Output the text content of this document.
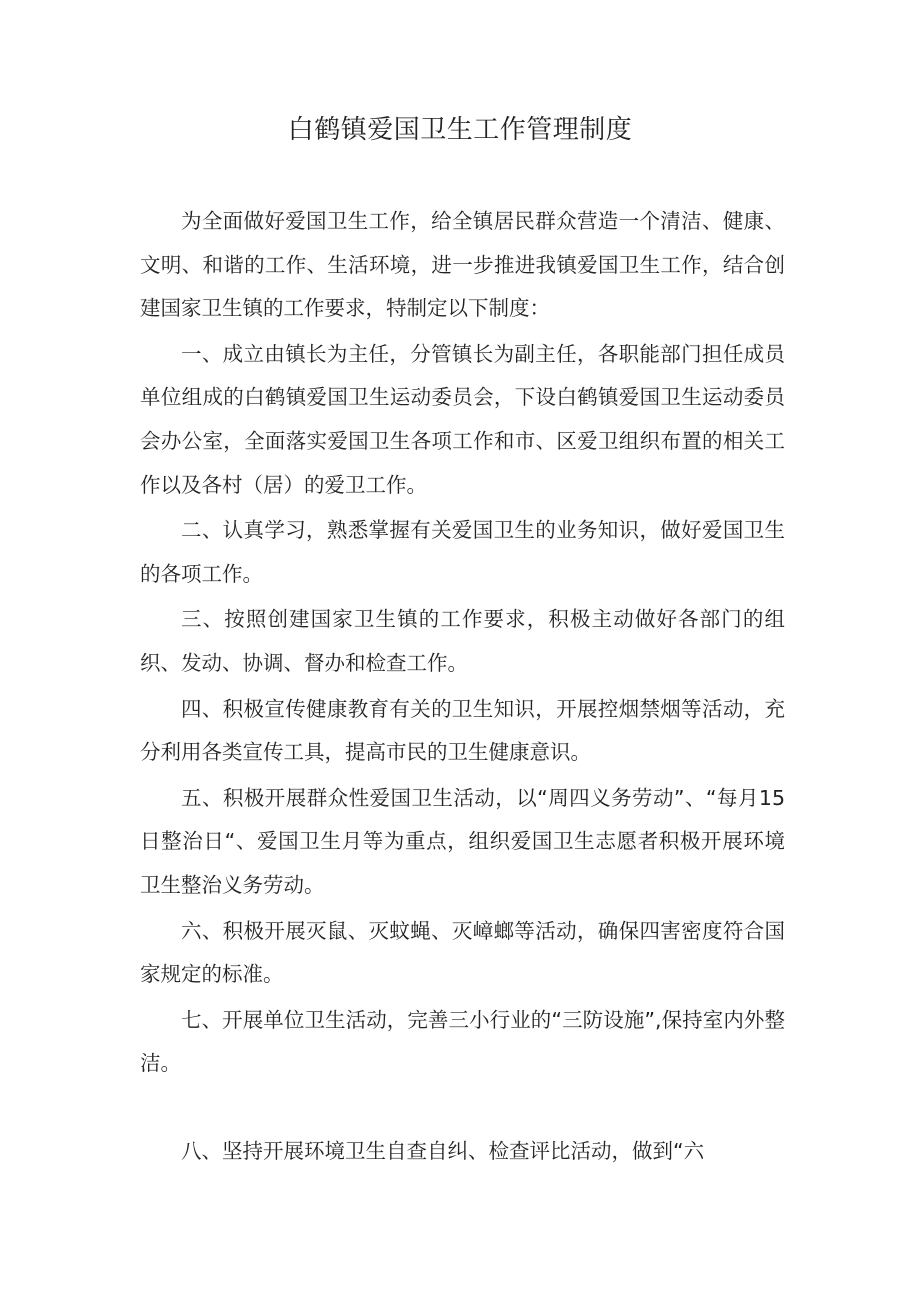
白鹤镇爱国卫生工作管理制度

为全面做好爱国卫生工作，给全镇居民群众营造一个清洁、健康、文明、和谐的工作、生活环境，进一步推进我镇爱国卫生工作，结合创建国家卫生镇的工作要求，特制定以下制度：

一、成立由镇长为主任，分管镇长为副主任，各职能部门担任成员单位组成的白鹤镇爱国卫生运动委员会，下设白鹤镇爱国卫生运动委员会办公室，全面落实爱国卫生各项工作和市、区爱卫组织布置的相关工作以及各村（居）的爱卫工作。

二、认真学习，熟悉掌握有关爱国卫生的业务知识，做好爱国卫生的各项工作。

三、按照创建国家卫生镇的工作要求，积极主动做好各部门的组织、发动、协调、督办和检查工作。

四、积极宣传健康教育有关的卫生知识，开展控烟禁烟等活动，充分利用各类宣传工具，提高市民的卫生健康意识。

五、积极开展群众性爱国卫生活动，以“周四义务劳动”、“每月15日整治日“、爱国卫生月等为重点，组织爱国卫生志愿者积极开展环境卫生整治义务劳动。

六、积极开展灭鼠、灭蚊蝇、灭嶂螂等活动，确保四害密度符合国家规定的标准。

七、开展单位卫生活动，完善三小行业的“三防设施”,保持室内外整洁。

八、坚持开展环境卫生自查自纠、检查评比活动，做到“六
